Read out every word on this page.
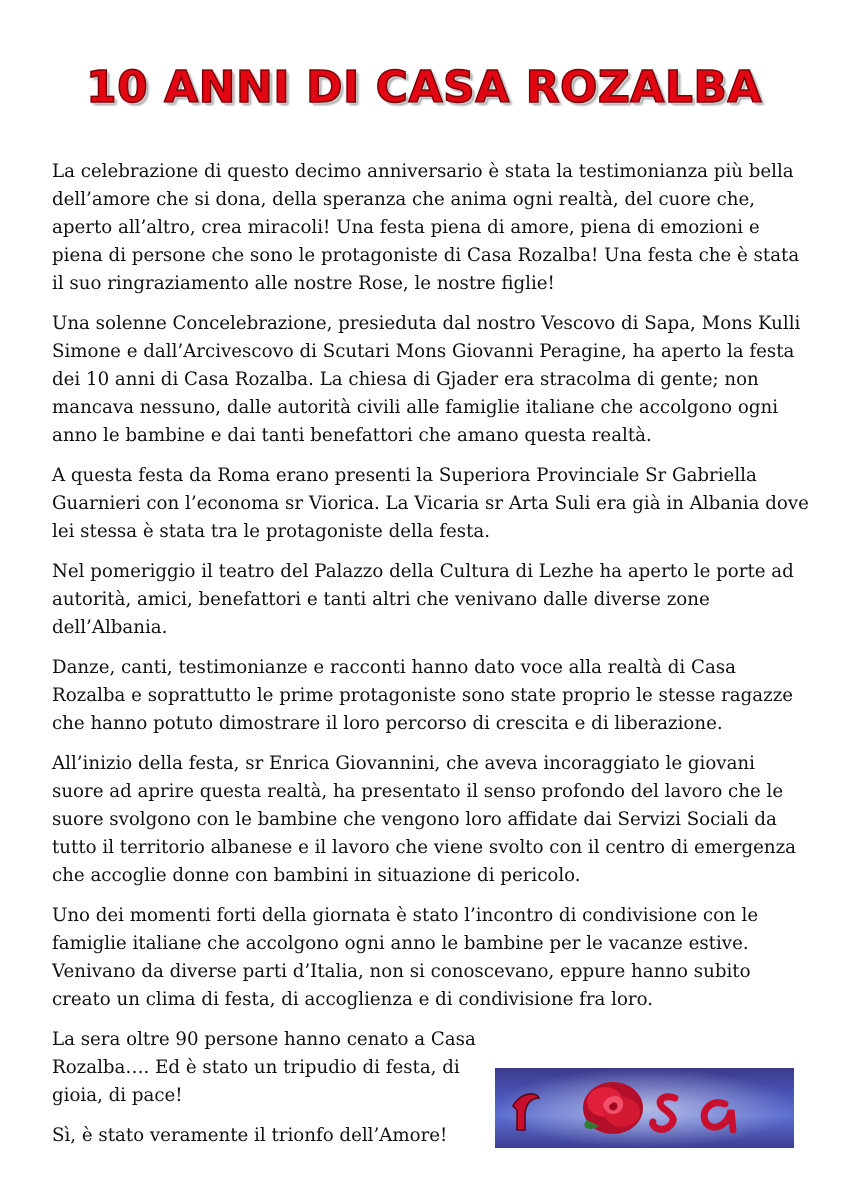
10 ANNI DI CASA ROZALBA

La celebrazione di questo decimo anniversario è stata la testimonianza più bella dell’amore che si dona, della speranza che anima ogni realtà, del cuore che, aperto all’altro, crea miracoli! Una festa piena di amore, piena di emozioni e piena di persone che sono le protagoniste di Casa Rozalba! Una festa che è stata il suo ringraziamento alle nostre Rose, le nostre figlie!

Una solenne Concelebrazione, presieduta dal nostro Vescovo di Sapa, Mons Kulli Simone e dall’Arcivescovo di Scutari Mons Giovanni Peragine, ha aperto la festa dei 10 anni di Casa Rozalba. La chiesa di Gjader era stracolma di gente; non mancava nessuno, dalle autorità civili alle famiglie italiane che accolgono ogni anno le bambine e dai tanti benefattori che amano questa realtà.

A questa festa da Roma erano presenti la Superiora Provinciale Sr Gabriella Guarnieri con l’economa sr Viorica. La Vicaria sr Arta Suli era già in Albania dove lei stessa è stata tra le protagoniste della festa.

Nel pomeriggio il teatro del Palazzo della Cultura di Lezhe ha aperto le porte ad autorità, amici, benefattori e tanti altri che venivano dalle diverse zone dell’Albania.

Danze, canti, testimonianze e racconti hanno dato voce alla realtà di Casa Rozalba e soprattutto le prime protagoniste sono state proprio le stesse ragazze che hanno potuto dimostrare il loro percorso di crescita e di liberazione.

All’inizio della festa, sr Enrica Giovannini, che aveva incoraggiato le giovani suore ad aprire questa realtà, ha presentato il senso profondo del lavoro che le suore svolgono con le bambine che vengono loro affidate dai Servizi Sociali da tutto il territorio albanese e il lavoro che viene svolto con il centro di emergenza che accoglie donne con bambini in situazione di pericolo.

Uno dei momenti forti della giornata è stato l’incontro di condivisione con le famiglie italiane che accolgono ogni anno le bambine per le vacanze estive. Venivano da diverse parti d’Italia, non si conoscevano, eppure hanno subito creato un clima di festa, di accoglienza e di condivisione fra loro.

La sera oltre 90 persone hanno cenato a Casa Rozalba…. Ed è stato un tripudio di festa, di gioia, di pace!

Sì, è stato veramente il trionfo dell’Amore!
